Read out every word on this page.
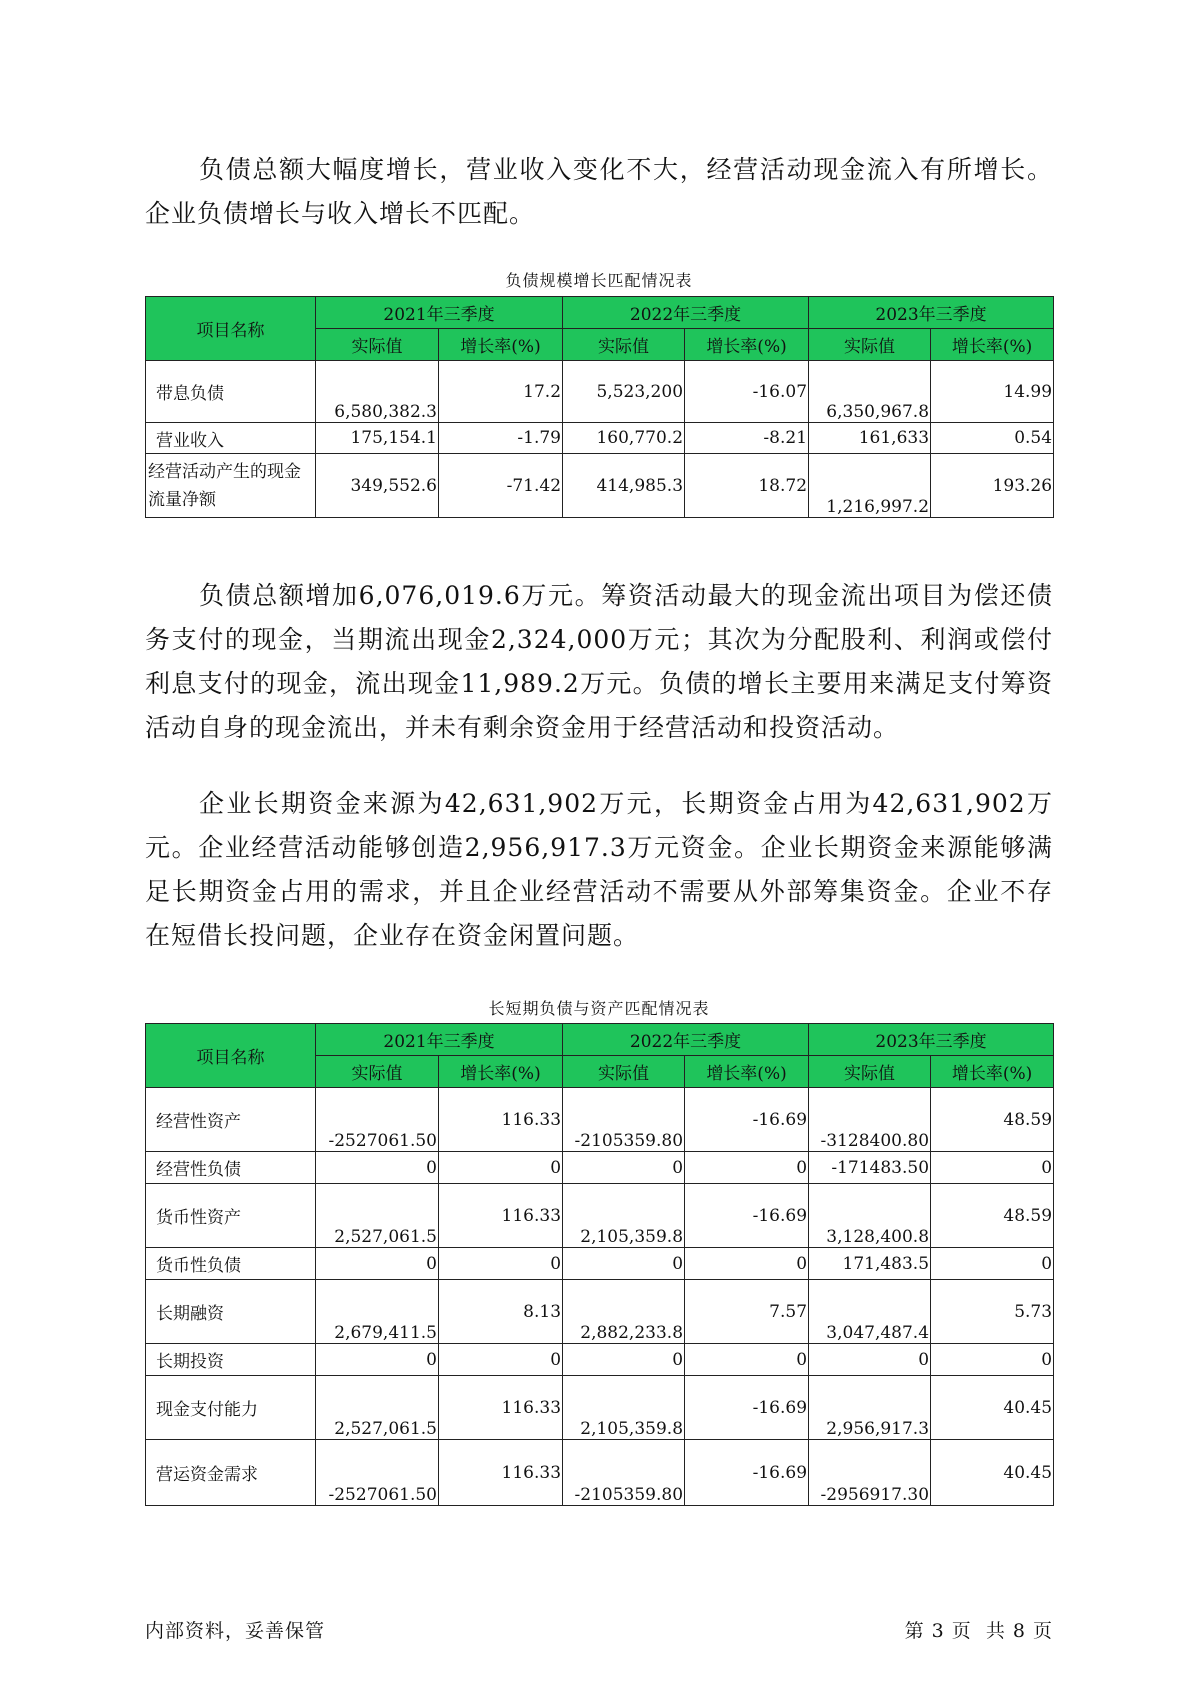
负债总额大幅度增长，营业收入变化不大，经营活动现金流入有所增长。企业负债增长与收入增长不匹配。

负债规模增长匹配情况表
项目名称	2021年三季度		2022年三季度		2023年三季度	
	实际值	增长率(%)	实际值	增长率(%)	实际值	增长率(%)
带息负债	6,580,382.3	17.2	5,523,200	-16.07	6,350,967.8	14.99
营业收入	175,154.1	-1.79	160,770.2	-8.21	161,633	0.54
经营活动产生的现金流量净额	349,552.6	-71.42	414,985.3	18.72	1,216,997.2	193.26

负债总额增加6,076,019.6万元。筹资活动最大的现金流出项目为偿还债务支付的现金，当期流出现金2,324,000万元；其次为分配股利、利润或偿付利息支付的现金，流出现金11,989.2万元。负债的增长主要用来满足支付筹资活动自身的现金流出，并未有剩余资金用于经营活动和投资活动。

企业长期资金来源为42,631,902万元，长期资金占用为42,631,902万元。企业经营活动能够创造2,956,917.3万元资金。企业长期资金来源能够满足长期资金占用的需求，并且企业经营活动不需要从外部筹集资金。企业不存在短借长投问题，企业存在资金闲置问题。

长短期负债与资产匹配情况表
项目名称	2021年三季度		2022年三季度		2023年三季度	
	实际值	增长率(%)	实际值	增长率(%)	实际值	增长率(%)
经营性资产	-2527061.50	116.33	-2105359.80	-16.69	-3128400.80	48.59
经营性负债	0	0	0	0	-171483.50	0
货币性资产	2,527,061.5	116.33	2,105,359.8	-16.69	3,128,400.8	48.59
货币性负债	0	0	0	0	171,483.5	0
长期融资	2,679,411.5	8.13	2,882,233.8	7.57	3,047,487.4	5.73
长期投资	0	0	0	0	0	0
现金支付能力	2,527,061.5	116.33	2,105,359.8	-16.69	2,956,917.3	40.45
营运资金需求	-2527061.50	116.33	-2105359.80	-16.69	-2956917.30	40.45
内部资料，妥善保管	第 3 页  共 8 页
